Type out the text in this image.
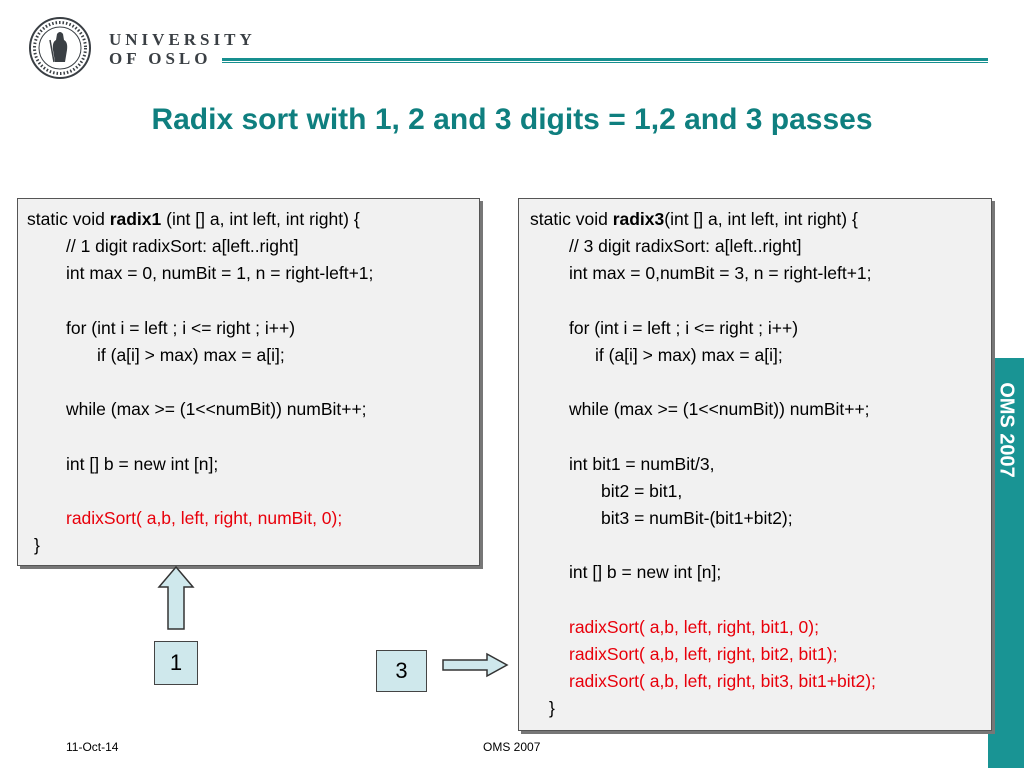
UNIVERSITY
OF OSLO
Radix sort with 1, 2 and 3 digits = 1,2 and 3 passes
OMS 2007
static void radix1 (int [] a, int left, int right) {
// 1 digit radixSort: a[left..right]
int max = 0, numBit = 1, n = right-left+1;
for (int i = left ; i <= right ; i++)
if (a[i] > max) max = a[i];
while (max >= (1<<numBit)) numBit++;
int [] b = new int [n];
radixSort( a,b, left, right, numBit, 0);
}
static void radix3(int [] a, int left, int right) {
// 3 digit radixSort: a[left..right]
int max = 0,numBit = 3, n = right-left+1;
for (int i = left ; i <= right ; i++)
if (a[i] > max) max = a[i];
while (max >= (1<<numBit)) numBit++;
int bit1 = numBit/3,
bit2 = bit1,
bit3 = numBit-(bit1+bit2);
int [] b = new int [n];
radixSort( a,b, left, right, bit1, 0);
radixSort( a,b, left, right, bit2, bit1);
radixSort( a,b, left, right, bit3, bit1+bit2);
}
1	3
11-Oct-14	OMS 2007
